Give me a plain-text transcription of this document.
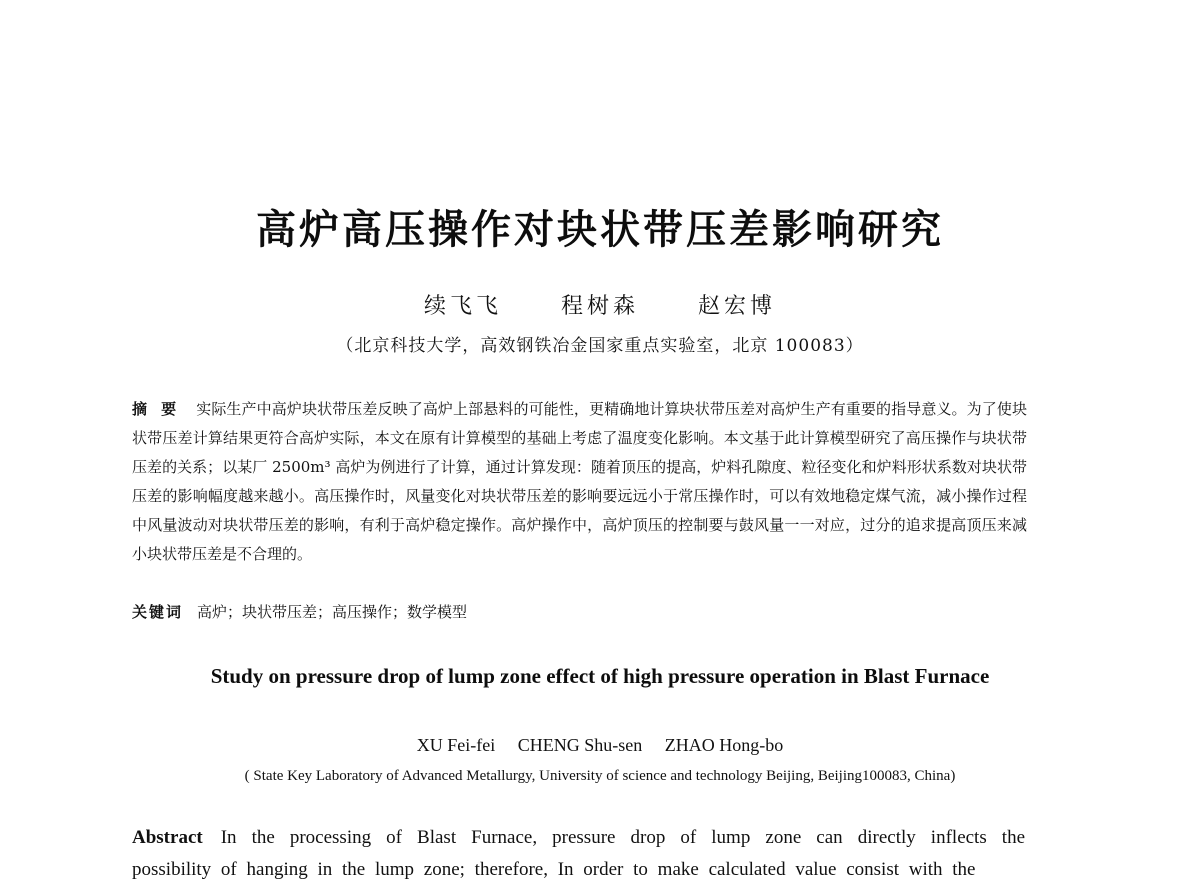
高炉高压操作对块状带压差影响研究
续飞飞	程树森	赵宏博
（北京科技大学，高效钢铁冶金国家重点实验室，北京 100083）
摘要 实际生产中高炉块状带压差反映了高炉上部悬料的可能性，更精确地计算块状带压差对高炉生产有重要的指导意义。为了使块状带压差计算结果更符合高炉实际，本文在原有计算模型的基础上考虑了温度变化影响。本文基于此计算模型研究了高压操作与块状带压差的关系；以某厂 2500m³ 高炉为例进行了计算，通过计算发现：随着顶压的提高，炉料孔隙度、粒径变化和炉料形状系数对块状带压差的影响幅度越来越小。高压操作时，风量变化对块状带压差的影响要远远小于常压操作时，可以有效地稳定煤气流，减小操作过程中风量波动对块状带压差的影响，有利于高炉稳定操作。高炉操作中，高炉顶压的控制要与鼓风量一一对应，过分的追求提高顶压来减小块状带压差是不合理的。
关键词 高炉；块状带压差；高压操作；数学模型
Study on pressure drop of lump zone effect of high pressure operation in Blast Furnace
XU Fei-fei CHENG Shu-sen ZHAO Hong-bo
( State Key Laboratory of Advanced Metallurgy, University of science and technology Beijing, Beijing100083, China)
Abstract In the processing of Blast Furnace, pressure drop of lump zone can directly inflects the possibility of hanging in the lump zone; therefore, In order to make calculated value consist with the
